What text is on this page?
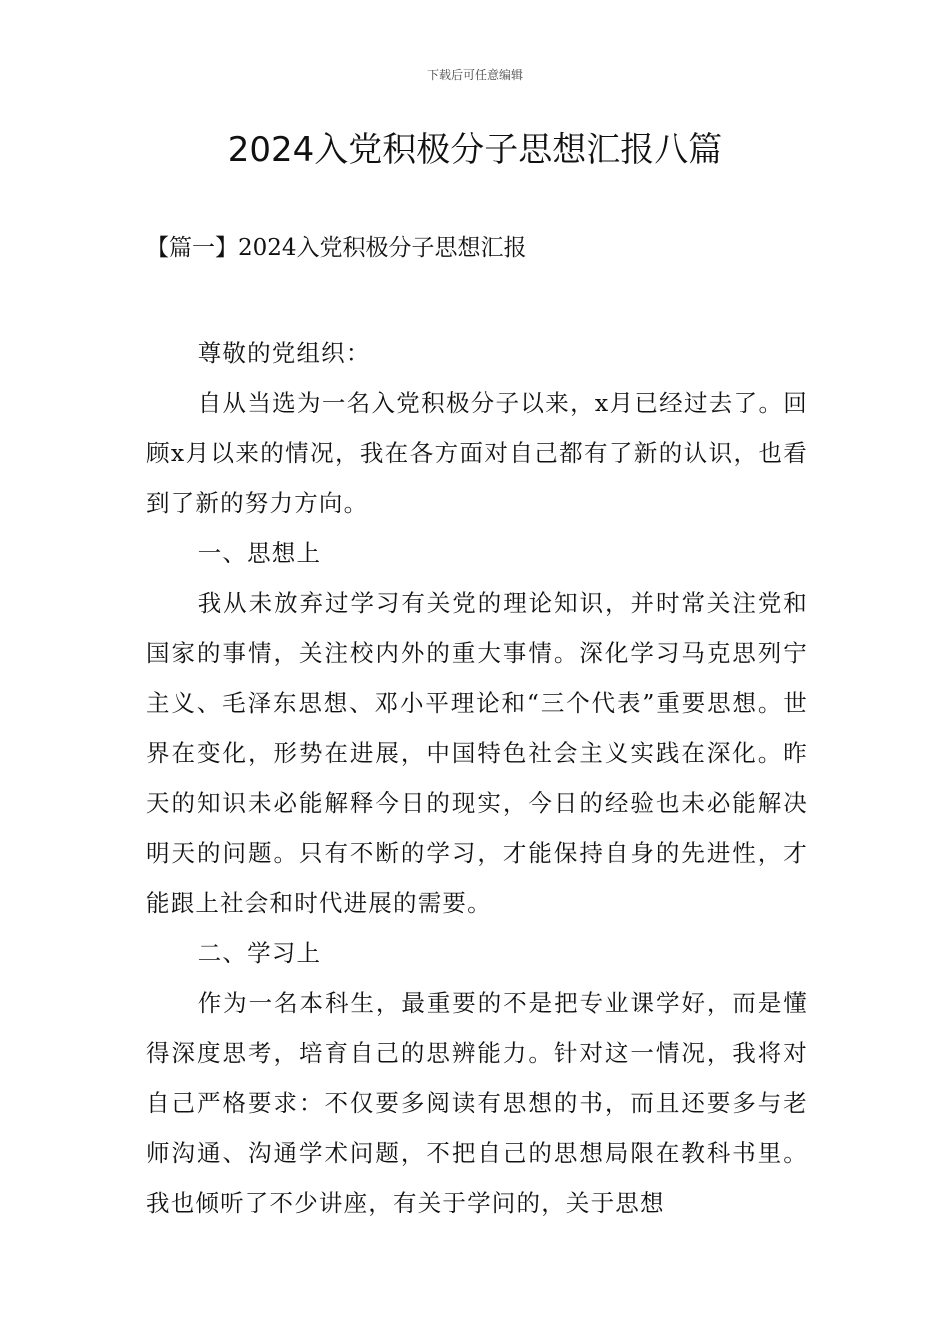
下载后可任意编辑
2024入党积极分子思想汇报八篇
【篇一】2024入党积极分子思想汇报

尊敬的党组织：

自从当选为一名入党积极分子以来，x月已经过去了。回顾x月以来的情况，我在各方面对自己都有了新的认识，也看到了新的努力方向。

一、思想上

我从未放弃过学习有关党的理论知识，并时常关注党和国家的事情，关注校内外的重大事情。深化学习马克思列宁主义、毛泽东思想、邓小平理论和“三个代表”重要思想。世界在变化，形势在进展，中国特色社会主义实践在深化。昨天的知识未必能解释今日的现实，今日的经验也未必能解决明天的问题。只有不断的学习，才能保持自身的先进性，才能跟上社会和时代进展的需要。

二、学习上

作为一名本科生，最重要的不是把专业课学好，而是懂得深度思考，培育自己的思辨能力。针对这一情况，我将对自己严格要求：不仅要多阅读有思想的书，而且还要多与老师沟通、沟通学术问题，不把自己的思想局限在教科书里。我也倾听了不少讲座，有关于学问的，关于思想
